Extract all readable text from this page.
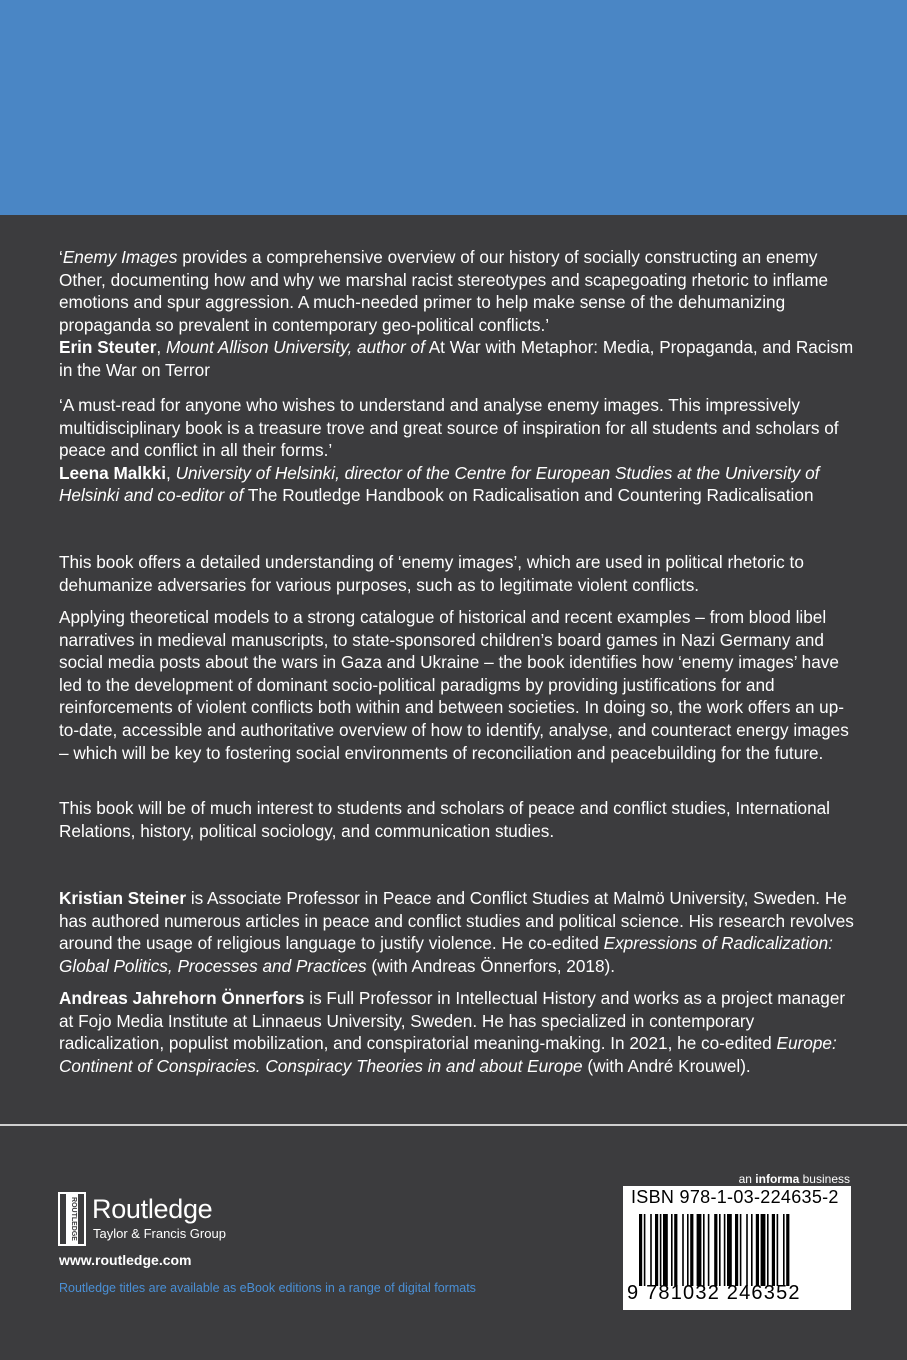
‘Enemy Images provides a comprehensive overview of our history of socially constructing an enemy Other, documenting how and why we marshal racist stereotypes and scapegoating rhetoric to inflame emotions and spur aggression. A much-needed primer to help make sense of the dehumanizing propaganda so prevalent in contemporary geo-political conflicts.’
Erin Steuter, Mount Allison University, author of At War with Metaphor: Media, Propaganda, and Racism in the War on Terror

‘A must-read for anyone who wishes to understand and analyse enemy images. This impressively multidisciplinary book is a treasure trove and great source of inspiration for all students and scholars of peace and conflict in all their forms.’
Leena Malkki, University of Helsinki, director of the Centre for European Studies at the University of Helsinki and co-editor of The Routledge Handbook on Radicalisation and Countering Radicalisation

This book offers a detailed understanding of ‘enemy images’, which are used in political rhetoric to dehumanize adversaries for various purposes, such as to legitimate violent conflicts.

Applying theoretical models to a strong catalogue of historical and recent examples – from blood libel narratives in medieval manuscripts, to state-sponsored children’s board games in Nazi Germany and social media posts about the wars in Gaza and Ukraine – the book identifies how ‘enemy images’ have led to the development of dominant socio-political paradigms by providing justifications for and reinforcements of violent conflicts both within and between societies. In doing so, the work offers an up-to-date, accessible and authoritative overview of how to identify, analyse, and counteract energy images – which will be key to fostering social environments of reconciliation and peacebuilding for the future.

This book will be of much interest to students and scholars of peace and conflict studies, International Relations, history, political sociology, and communication studies.

Kristian Steiner is Associate Professor in Peace and Conflict Studies at Malmö University, Sweden. He has authored numerous articles in peace and conflict studies and political science. His research revolves around the usage of religious language to justify violence. He co-edited Expressions of Radicalization: Global Politics, Processes and Practices (with Andreas Önnerfors, 2018).

Andreas Jahrehorn Önnerfors is Full Professor in Intellectual History and works as a project manager at Fojo Media Institute at Linnaeus University, Sweden. He has specialized in contemporary radicalization, populist mobilization, and conspiratorial meaning-making. In 2021, he co-edited Europe: Continent of Conspiracies. Conspiracy Theories in and about Europe (with André Krouwel).

ROUTLEDGE Routledge
Taylor & Francis Group
www.routledge.com
Routledge titles are available as eBook editions in a range of digital formats
an informa business
ISBN 978-1-03-224635-2
9 781032 246352
